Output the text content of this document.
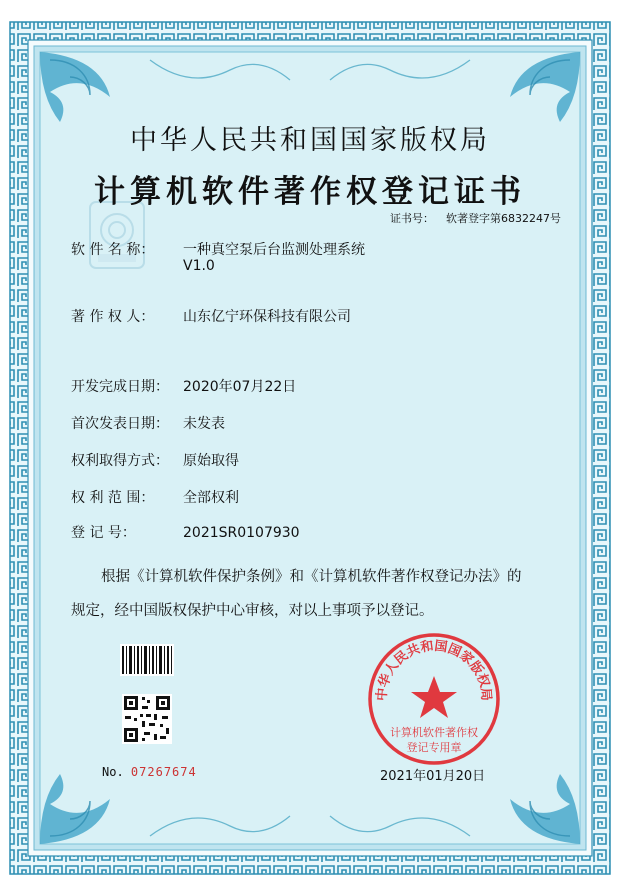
中华人民共和国国家版权局
计算机软件著作权登记证书
证书号： 软著登字第6832247号
软 件 名 称： 一种真空泵后台监测处理系统
V1.0
著 作 权 人： 山东亿宁环保科技有限公司
开发完成日期： 2020年07月22日
首次发表日期： 未发表
权利取得方式： 原始取得
权 利 范 围： 全部权利
登 记 号：	2021SR0107930
根据《计算机软件保护条例》和《计算机软件著作权登记办法》的
规定，经中国版权保护中心审核，对以上事项予以登记。
No. 07267674
中华人民共和国国家版权局
计算机软件著作权
登记专用章
2021年01月20日
